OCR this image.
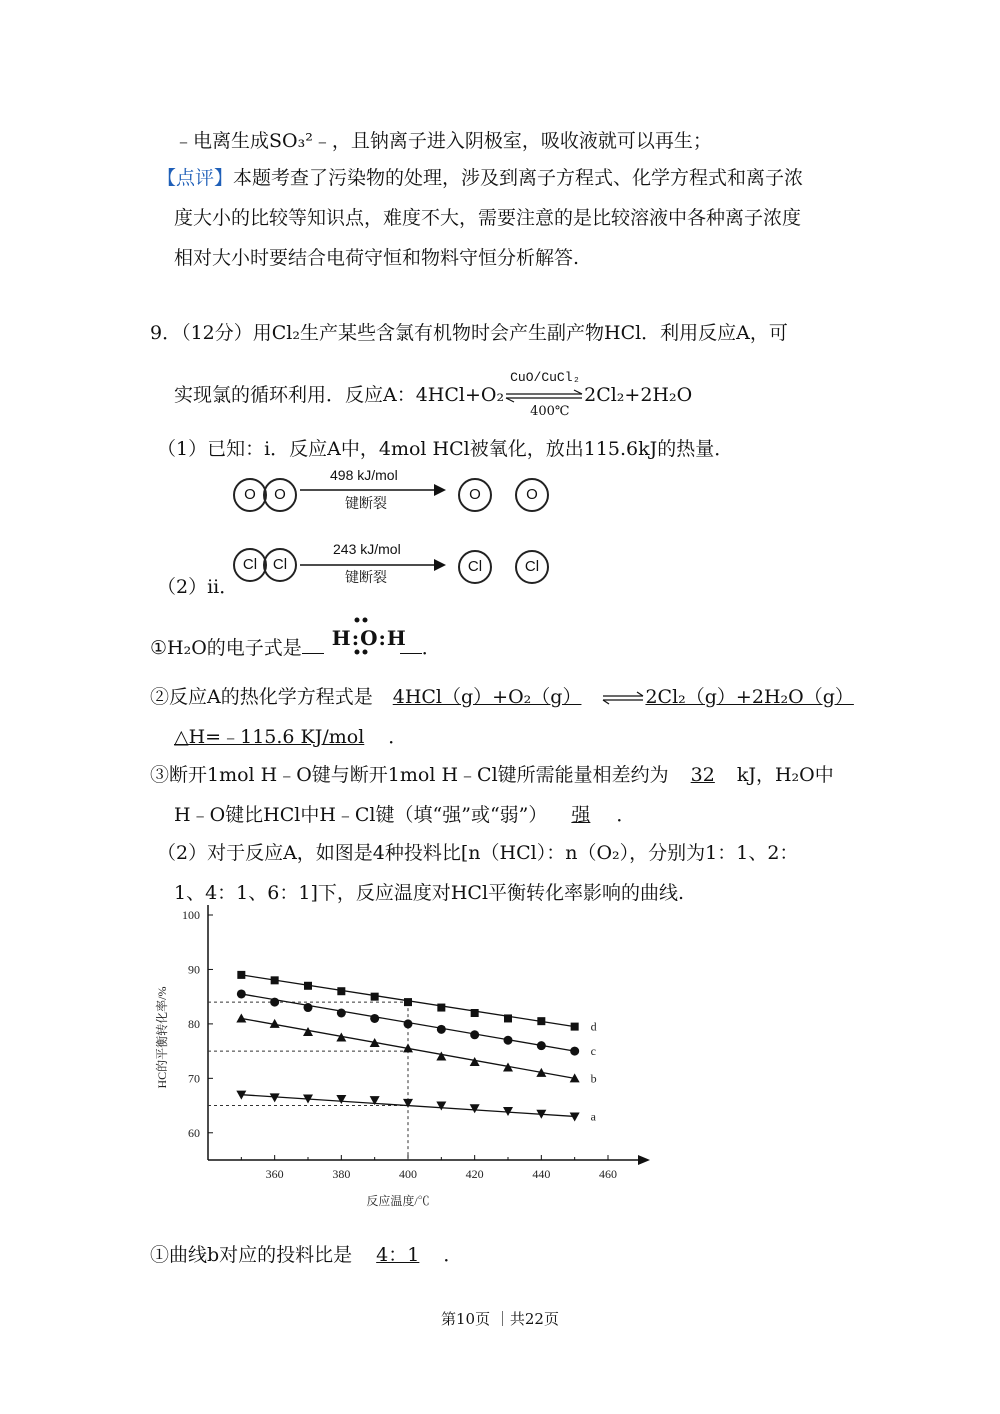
﹣电离生成SO₃²﹣，且钠离子进入阴极室，吸收液就可以再生；
【点评】本题考查了污染物的处理，涉及到离子方程式、化学方程式和离子浓
度大小的比较等知识点，难度不大，需要注意的是比较溶液中各种离子浓度
相对大小时要结合电荷守恒和物料守恒分析解答.
9．（12分）用Cl₂生产某些含氯有机物时会产生副产物HCl．利用反应A，可
实现氯的循环利用．反应A：4HCl+O₂
CuO/CuCl₂
400℃
2Cl₂+2H₂O
（1）已知：i．反应A中，4mol HCl被氧化，放出115.6kJ的热量．
O O
498 kJ/mol
键断裂	O	O
（2）ii．
Cl Cl
243 kJ/mol
键断裂
Cl	Cl
①H₂O的电子式是 H:O:H ．
②反应A的热化学方程式是 4HCl（g）+O₂（g） ⇌2Cl₂（g）+2H₂O（g）
△H=﹣115.6 KJ/mol ．
③断开1mol H﹣O键与断开1mol H﹣Cl键所需能量相差约为 32 kJ，H₂O中
H﹣O键比HCl中H﹣Cl键（填“强”或“弱”） 强 ．
（2）对于反应A，如图是4种投料比[n（HCl）：n（O₂），分别为1：1、2：
1、4：1、6：1]下，反应温度对HCl平衡转化率影响的曲线.
360	380	400	420	440	460
60
70
80
90
100
反应温度/℃
HC的平衡转化率/%	d
c
b
a
①曲线b对应的投料比是 4：1 ．
第10页 ｜共22页
